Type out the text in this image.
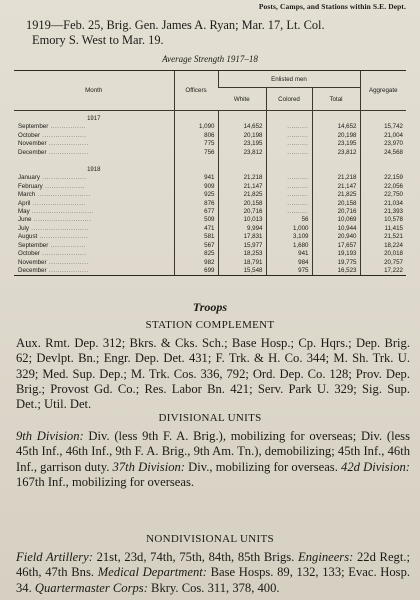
Posts, Camps, and Stations within S.E. Dept.
1919—Feb. 25, Brig. Gen. James A. Ryan; Mar. 17, Lt. Col.
Emory S. West to Mar. 19.
Average Strength 1917–18
Month	Officers	Enlisted men			Aggregate
		White	Colored	Total	
1917					
September ................	1,090	14,652	..........	14,652	15,742
October ....................	806	20,198	..........	20,198	21,004
November ..................	775	23,195	..........	23,195	23,970
December ..................	756	23,812	..........	23,812	24,568

1918					
January ....................	941	21,218	..........	21,218	22,159
February ..................	909	21,147	..........	21,147	22,056
March ........................	925	21,825	..........	21,825	22,750
April ........................	876	20,158	..........	20,158	21,034
May ............................	677	20,716	..........	20,716	21,393
June ..........................	509	10,013	56	10,069	10,578
July ..........................	471	9,994	1,000	10,944	11,415
August ......................	581	17,831	3,109	20,940	21,521
September ................	567	15,977	1,680	17,657	18,224
October ....................	825	18,253	941	19,193	20,018
November ..................	982	18,791	984	19,775	20,757
December ..................	699	15,548	975	16,523	17,222
Troops
STATION COMPLEMENT
Aux. Rmt. Dep. 312; Bkrs. & Cks. Sch.; Base Hosp.; Cp. Hqrs.; Dep. Brig. 62; Devlpt. Bn.; Engr. Dep. Det. 431; F. Trk. & H. Co. 344; M. Sh. Trk. U. 329; Med. Sup. Dep.; M. Trk. Cos. 336, 792; Ord. Dep. Co. 128; Prov. Dep. Brig.; Provost Gd. Co.; Res. Labor Bn. 421; Serv. Park U. 329; Sig. Sup. Det.; Util. Det.
DIVISIONAL UNITS
9th Division: Div. (less 9th F. A. Brig.), mobilizing for overseas; Div. (less 45th Inf., 46th Inf., 9th F. A. Brig., 9th Am. Tn.), demobilizing; 45th Inf., 46th Inf., garrison duty. 37th Division: Div., mobilizing for overseas. 42d Division: 167th Inf., mobilizing for overseas.
NONDIVISIONAL UNITS
Field Artillery: 21st, 23d, 74th, 75th, 84th, 85th Brigs. Engineers: 22d Regt.; 46th, 47th Bns. Medical Department: Base Hosps. 89, 132, 133; Evac. Hosp. 34. Quartermaster Corps: Bkry. Cos. 311, 378, 400.
